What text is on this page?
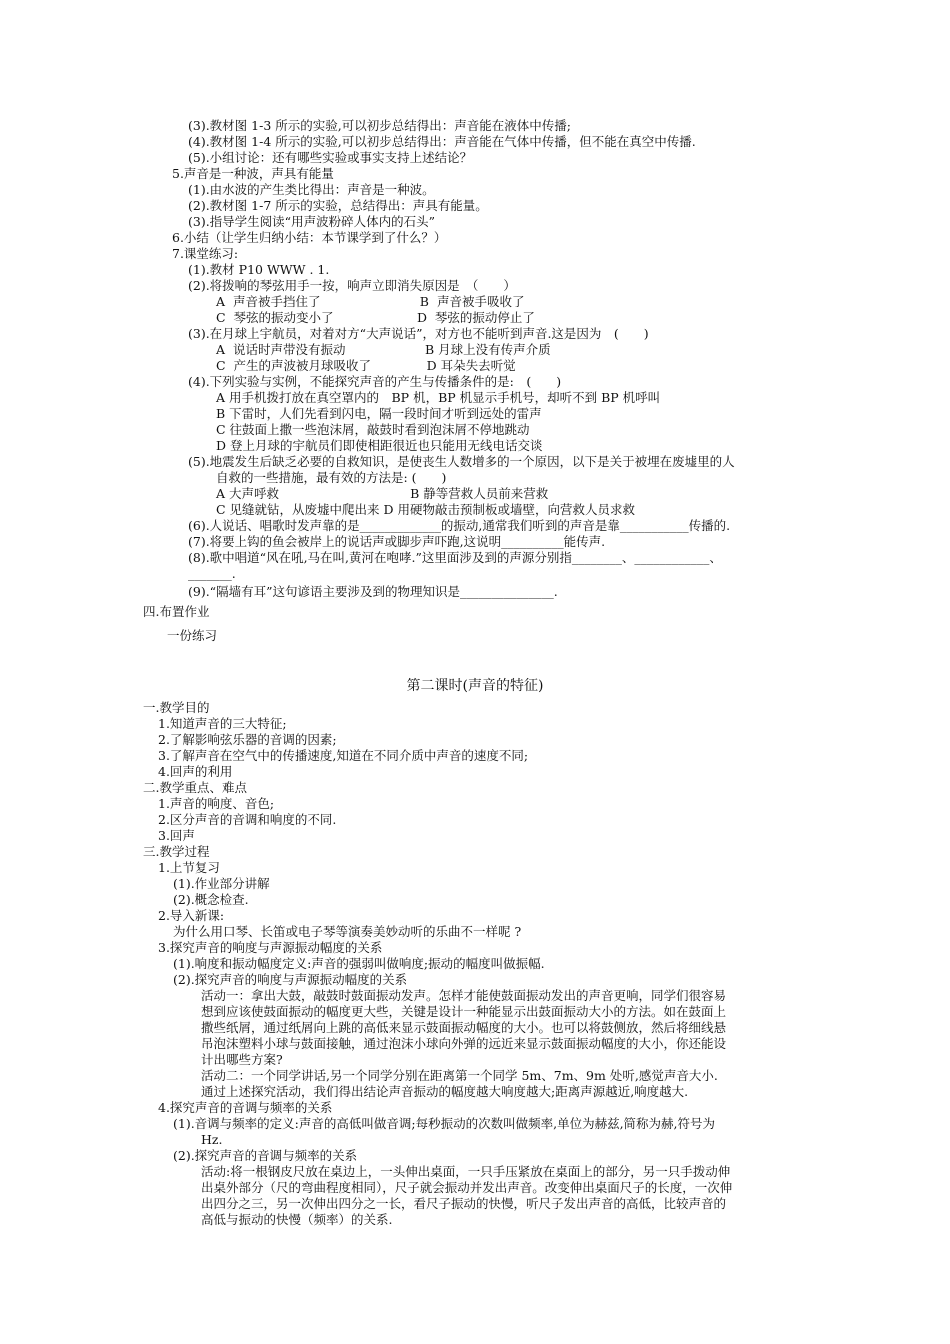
(3).教材图 1-3 所示的实验,可以初步总结得出：声音能在液体中传播;
(4).教材图 1-4 所示的实验,可以初步总结得出：声音能在气体中传播，但不能在真空中传播.
(5).小组讨论：还有哪些实验或事实支持上述结论？
5.声音是一种波，声具有能量
(1).由水波的产生类比得出：声音是一种波。
(2).教材图 1-7 所示的实验，总结得出：声具有能量。
(3).指导学生阅读“用声波粉碎人体内的石头”
6.小结（让学生归纳小结：本节课学到了什么？）
7.课堂练习:
(1).教材 P10 WWW . 1.
(2).将拨响的琴弦用手一按，响声立即消失原因是　（　　）
A  声音被手挡住了                         B  声音被手吸收了
C  琴弦的振动变小了                     D  琴弦的振动停止了
(3).在月球上宇航员，对着对方“大声说话”，对方也不能听到声音.这是因为　(　　)
A  说话时声带没有振动                    B 月球上没有传声介质
C  产生的声波被月球吸收了              D 耳朵失去听觉
(4).下列实验与实例，不能探究声音的产生与传播条件的是:　(　　)
A 用手机拨打放在真空罩内的　BP 机，BP 机显示手机号，却听不到 BP 机呼叫
B 下雷时，人们先看到闪电，隔一段时间才听到远处的雷声
C 往鼓面上撒一些泡沫屑，敲鼓时看到泡沫屑不停地跳动
D 登上月球的宇航员们即使相距很近也只能用无线电话交谈
(5).地震发生后缺乏必要的自救知识，是使丧生人数增多的一个原因，以下是关于被埋在废墟里的人
自救的一些措施，最有效的方法是: (　　)
A 大声呼救                                 B 静等营救人员前来营救
C 见缝就钻，从废墟中爬出来 D 用硬物敲击预制板或墙壁，向营救人员求救
(6).人说话、唱歌时发声靠的是_____________的振动,通常我们听到的声音是靠___________传播的.
(7).将要上钩的鱼会被岸上的说话声或脚步声吓跑,这说明__________能传声.
(8).歌中唱道“风在吼,马在叫,黄河在咆哮.”这里面涉及到的声源分别指________、____________、
_______.
(9).“隔墙有耳”这句谚语主要涉及到的物理知识是_______________.
四.布置作业
一份练习
第二课时(声音的特征)
一.教学目的
1.知道声音的三大特征;
2.了解影响弦乐器的音调的因素;
3.了解声音在空气中的传播速度,知道在不同介质中声音的速度不同;
4.回声的利用
二.教学重点、难点
1.声音的响度、音色;
2.区分声音的音调和响度的不同.
3.回声
三.教学过程
1.上节复习
(1).作业部分讲解
(2).概念检查.
2.导入新课:
为什么用口琴、长笛或电子琴等演奏美妙动听的乐曲不一样呢 ?
3.探究声音的响度与声源振动幅度的关系
(1).响度和振动幅度定义:声音的强弱叫做响度;振动的幅度叫做振幅.
(2).探究声音的响度与声源振动幅度的关系
活动一：拿出大鼓，敲鼓时鼓面振动发声。怎样才能使鼓面振动发出的声音更响，同学们很容易
想到应该使鼓面振动的幅度更大些，关键是设计一种能显示出鼓面振动大小的方法。如在鼓面上
撒些纸屑，通过纸屑向上跳的高低来显示鼓面振动幅度的大小。也可以将鼓侧放，然后将细线悬
吊泡沫塑料小球与鼓面接触，通过泡沫小球向外弹的远近来显示鼓面振动幅度的大小，你还能设
计出哪些方案?
活动二：一个同学讲话,另一个同学分别在距离第一个同学 5m、7m、9m 处听,感觉声音大小.
通过上述探究活动，我们得出结论声音振动的幅度越大响度越大;距离声源越近,响度越大.
4.探究声音的音调与频率的关系
(1).音调与频率的定义:声音的高低叫做音调;每秒振动的次数叫做频率,单位为赫兹,简称为赫,符号为
Hz.
(2).探究声音的音调与频率的关系
活动:将一根钢皮尺放在桌边上，一头伸出桌面，一只手压紧放在桌面上的部分，另一只手拨动伸
出桌外部分（尺的弯曲程度相同），尺子就会振动并发出声音。改变伸出桌面尺子的长度，一次伸
出四分之三，另一次伸出四分之一长，看尺子振动的快慢，听尺子发出声音的高低，比较声音的
高低与振动的快慢（频率）的关系.
